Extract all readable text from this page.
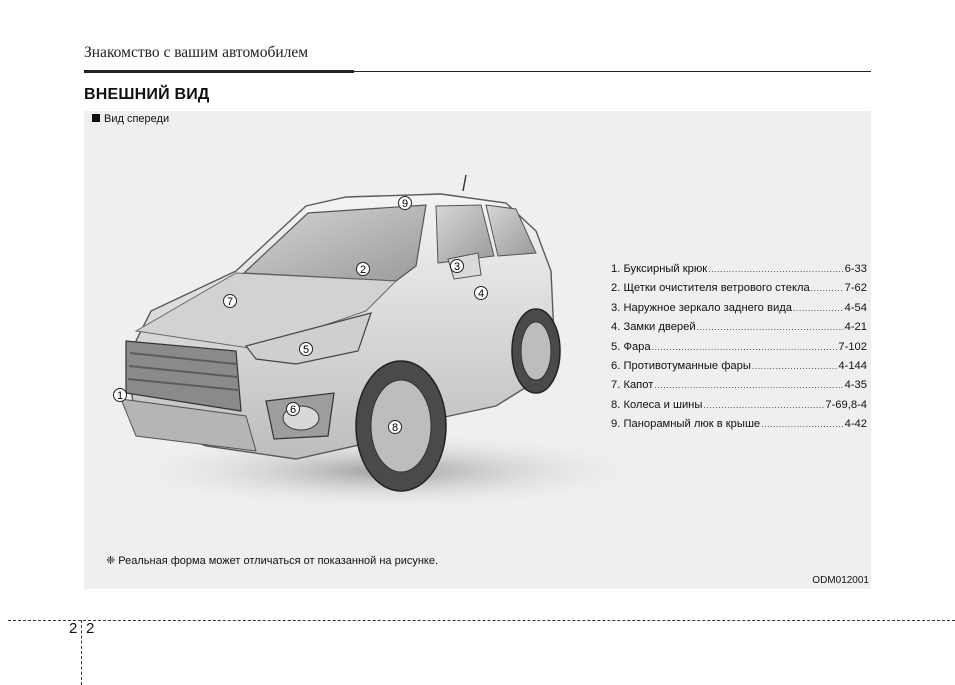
Знакомство с вашим автомобилем
ВНЕШНИЙ ВИД
Вид спереди
1
2	3
4
5
6
7
8
9
1. Буксирный крюк .....	6-33
2. Щетки очистителя ветрового стекла .....	7-62
3. Наружное зеркало заднего вида .....	4-54
4. Замки дверей .....	4-21
5. Фара .....	7-102
6. Противотуманные фары .....	4-144
7. Капот .....	4-35
8. Колеса и шины .....	7-69,8-4
9. Панорамный люк в крыше .....	4-42
❈ Реальная форма может отличаться от показанной на рисунке.
ODM012001
2 2
